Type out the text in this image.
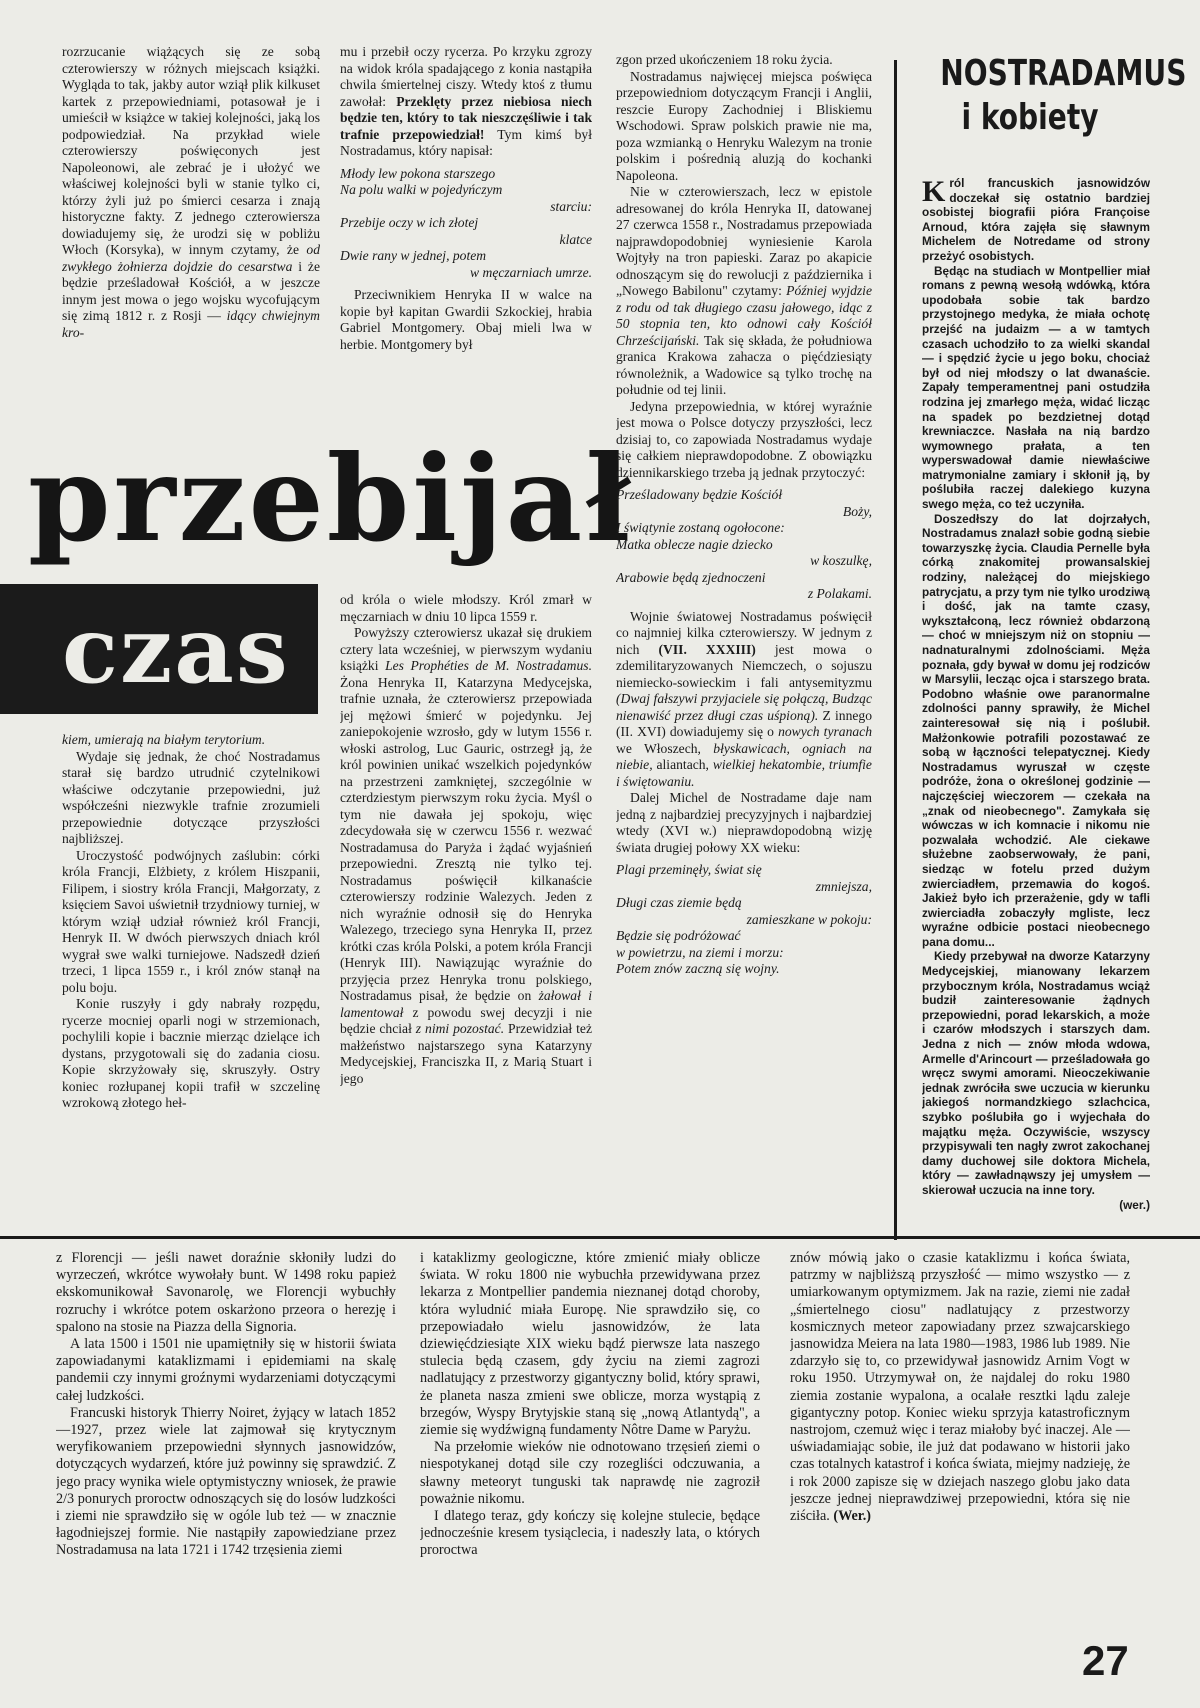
rozrzucanie wiążących się ze sobą czterowierszy w różnych miejscach książki. Wygląda to tak, jakby autor wziął plik kilkuset kartek z przepowiedniami, potasował je i umieścił w książce w takiej kolejności, jaką los podpowiedział. Na przykład wiele czterowierszy poświęconych jest Napoleonowi, ale zebrać je i ułożyć we właściwej kolejności byli w stanie tylko ci, którzy żyli już po śmierci cesarza i znają historyczne fakty. Z jednego czterowiersza dowiadujemy się, że urodzi się w pobliżu Włoch (Korsyka), w innym czytamy, że od zwykłego żołnierza dojdzie do cesarstwa i że będzie prześladował Kościół, a w jeszcze innym jest mowa o jego wojsku wycofującym się zimą 1812 r. z Rosji — idący chwiejnym kro-

mu i przebił oczy rycerza. Po krzyku zgrozy na widok króla spadającego z konia nastąpiła chwila śmiertelnej ciszy. Wtedy ktoś z tłumu zawołał: Przeklęty przez niebiosa niech będzie ten, który to tak nieszczęśliwie i tak trafnie przepowiedział! Tym kimś był Nostradamus, który napisał:

Młody lew pokona starszego
Na polu walki w pojedyńczym
starciu:
Przebije oczy w ich złotej
klatce
Dwie rany w jednej, potem
w męczarniach umrze.

Przeciwnikiem Henryka II w walce na kopie był kapitan Gwardii Szkockiej, hrabia Gabriel Montgomery. Obaj mieli lwa w herbie. Montgomery był

przebijał
czas

kiem, umierają na białym terytorium.

Wydaje się jednak, że choć Nostradamus starał się bardzo utrudnić czytelnikowi właściwe odczytanie przepowiedni, już współcześni niezwykle trafnie zrozumieli przepowiednie dotyczące przyszłości najbliższej.

Uroczystość podwójnych zaślubin: córki króla Francji, Elżbiety, z królem Hiszpanii, Filipem, i siostry króla Francji, Małgorzaty, z księciem Savoi uświetnił trzydniowy turniej, w którym wziął udział również król Francji, Henryk II. W dwóch pierwszych dniach król wygrał swe walki turniejowe. Nadszedł dzień trzeci, 1 lipca 1559 r., i król znów stanął na polu boju.

Konie ruszyły i gdy nabrały rozpędu, rycerze mocniej oparli nogi w strzemionach, pochylili kopie i bacznie mierząc dzielące ich dystans, przygotowali się do zadania ciosu. Kopie skrzyżowały się, skruszyły. Ostry koniec rozłupanej kopii trafił w szczelinę wzrokową złotego heł-

od króla o wiele młodszy. Król zmarł w męczarniach w dniu 10 lipca 1559 r.

Powyższy czterowiersz ukazał się drukiem cztery lata wcześniej, w pierwszym wydaniu książki Les Prophéties de M. Nostradamus. Żona Henryka II, Katarzyna Medycejska, trafnie uznała, że czterowiersz przepowiada jej mężowi śmierć w pojedynku. Jej zaniepokojenie wzrosło, gdy w lutym 1556 r. włoski astrolog, Luc Gauric, ostrzegł ją, że król powinien unikać wszelkich pojedynków na przestrzeni zamkniętej, szczególnie w czterdziestym pierwszym roku życia. Myśl o tym nie dawała jej spokoju, więc zdecydowała się w czerwcu 1556 r. wezwać Nostradamusa do Paryża i żądać wyjaśnień przepowiedni. Zresztą nie tylko tej. Nostradamus poświęcił kilkanaście czterowierszy rodzinie Walezych. Jeden z nich wyraźnie odnosił się do Henryka Walezego, trzeciego syna Henryka II, przez krótki czas króla Polski, a potem króla Francji (Henryk III). Nawiązując wyraźnie do przyjęcia przez Henryka tronu polskiego, Nostradamus pisał, że będzie on żałował i lamentował z powodu swej decyzji i nie będzie chciał z nimi pozostać. Przewidział też małżeństwo najstarszego syna Katarzyny Medycejskiej, Franciszka II, z Marią Stuart i jego

zgon przed ukończeniem 18 roku życia.

Nostradamus najwięcej miejsca poświęca przepowiedniom dotyczącym Francji i Anglii, reszcie Europy Zachodniej i Bliskiemu Wschodowi. Spraw polskich prawie nie ma, poza wzmianką o Henryku Walezym na tronie polskim i pośrednią aluzją do kochanki Napoleona.

Nie w czterowierszach, lecz w epistole adresowanej do króla Henryka II, datowanej 27 czerwca 1558 r., Nostradamus przepowiada najprawdopodobniej wyniesienie Karola Wojtyły na tron papieski. Zaraz po akapicie odnoszącym się do rewolucji z października i „Nowego Babilonu" czytamy: Później wyjdzie z rodu od tak długiego czasu jałowego, idąc z 50 stopnia ten, kto odnowi cały Kościół Chrześcijański. Tak się składa, że południowa granica Krakowa zahacza o pięćdziesiąty równoleżnik, a Wadowice są tylko trochę na południe od tej linii.

Jedyna przepowiednia, w której wyraźnie jest mowa o Polsce dotyczy przyszłości, lecz dzisiaj to, co zapowiada Nostradamus wydaje się całkiem nieprawdopodobne. Z obowiązku dziennikarskiego trzeba ją jednak przytoczyć:

Prześladowany będzie Kościół
Boży,
I świątynie zostaną ogołocone:
Matka oblecze nagie dziecko
w koszulkę,
Arabowie będą zjednoczeni
z Polakami.

Wojnie światowej Nostradamus poświęcił co najmniej kilka czterowierszy. W jednym z nich (VII. XXXIII) jest mowa o zdemilitaryzowanych Niemczech, o sojuszu niemiecko-sowieckim i fali antysemityzmu (Dwaj fałszywi przyjaciele się połączą, Budząc nienawiść przez długi czas uśpioną). Z innego (II. XVI) dowiadujemy się o nowych tyranach we Włoszech, błyskawicach, ogniach na niebie, aliantach, wielkiej hekatombie, triumfie i świętowaniu.

Dalej Michel de Nostradame daje nam jedną z najbardziej precyzyjnych i najbardziej wtedy (XVI w.) nieprawdopodobną wizję świata drugiej połowy XX wieku:

Plagi przeminęły, świat się
zmniejsza,
Długi czas ziemie będą
zamieszkane w pokoju:
Będzie się podróżować
w powietrzu, na ziemi i morzu:
Potem znów zaczną się wojny.
NOSTRADAMUS
i kobiety

Król francuskich jasnowidzów doczekał się ostatnio bardziej osobistej biografii pióra Françoise Arnoud, która zajęła się sławnym Michelem de Notredame od strony przeżyć osobistych.

Będąc na studiach w Montpellier miał romans z pewną wesołą wdówką, która upodobała sobie tak bardzo przystojnego medyka, że miała ochotę przejść na judaizm — a w tamtych czasach uchodziło to za wielki skandal — i spędzić życie u jego boku, chociaż był od niej młodszy o lat dwanaście. Zapały temperamentnej pani ostudziła rodzina jej zmarłego męża, widać licząc na spadek po bezdzietnej dotąd krewniaczce. Nasłała na nią bardzo wymownego prałata, a ten wyperswadował damie niewłaściwe matrymonialne zamiary i skłonił ją, by poślubiła raczej dalekiego kuzyna swego męża, co też uczyniła.

Doszedłszy do lat dojrzałych, Nostradamus znalazł sobie godną siebie towarzyszkę życia. Claudia Pernelle była córką znakomitej prowansalskiej rodziny, należącej do miejskiego patrycjatu, a przy tym nie tylko urodziwą i dość, jak na tamte czasy, wykształconą, lecz również obdarzoną — choć w mniejszym niż on stopniu — nadnaturalnymi zdolnościami. Męża poznała, gdy bywał w domu jej rodziców w Marsylii, lecząc ojca i starszego brata. Podobno właśnie owe paranormalne zdolności panny sprawiły, że Michel zainteresował się nią i poślubił. Małżonkowie potrafili pozostawać ze sobą w łączności telepatycznej. Kiedy Nostradamus wyruszał w częste podróże, żona o określonej godzinie — najczęściej wieczorem — czekała na „znak od nieobecnego". Zamykała się wówczas w ich komnacie i nikomu nie pozwalała wchodzić. Ale ciekawe służebne zaobserwowały, że pani, siedząc w fotelu przed dużym zwierciadłem, przemawia do kogoś. Jakież było ich przerażenie, gdy w tafli zwierciadła zobaczyły mgliste, lecz wyraźne odbicie postaci nieobecnego pana domu...

Kiedy przebywał na dworze Katarzyny Medycejskiej, mianowany lekarzem przybocznym króla, Nostradamus wciąż budził zainteresowanie żądnych przepowiedni, porad lekarskich, a może i czarów młodszych i starszych dam. Jedna z nich — znów młoda wdowa, Armelle d'Arincourt — prześladowała go wręcz swymi amorami. Nieoczekiwanie jednak zwróciła swe uczucia w kierunku jakiegoś normandzkiego szlachcica, szybko poślubiła go i wyjechała do majątku męża. Oczywiście, wszyscy przypisywali ten nagły zwrot zakochanej damy duchowej sile doktora Michela, który — zawładnąwszy jej umysłem — skierował uczucia na inne tory.

(wer.)

z Florencji — jeśli nawet doraźnie skłoniły ludzi do wyrzeczeń, wkrótce wywołały bunt. W 1498 roku papież ekskomunikował Savonarolę, we Florencji wybuchły rozruchy i wkrótce potem oskarżono przeora o herezję i spalono na stosie na Piazza della Signoria.

A lata 1500 i 1501 nie upamiętniły się w historii świata zapowiadanymi kataklizmami i epidemiami na skalę pandemii czy innymi groźnymi wydarzeniami dotyczącymi całej ludzkości.

Francuski historyk Thierry Noiret, żyjący w latach 1852—1927, przez wiele lat zajmował się krytycznym weryfikowaniem przepowiedni słynnych jasnowidzów, dotyczących wydarzeń, które już powinny się sprawdzić. Z jego pracy wynika wiele optymistyczny wniosek, że prawie 2/3 ponurych proroctw odnoszących się do losów ludzkości i ziemi nie sprawdziło się w ogóle lub też — w znacznie łagodniejszej formie. Nie nastąpiły zapowiedziane przez Nostradamusa na lata 1721 i 1742 trzęsienia ziemi

i kataklizmy geologiczne, które zmienić miały oblicze świata. W roku 1800 nie wybuchła przewidywana przez lekarza z Montpellier pandemia nieznanej dotąd choroby, która wyludnić miała Europę. Nie sprawdziło się, co przepowiadało wielu jasnowidzów, że lata dziewięćdziesiąte XIX wieku bądź pierwsze lata naszego stulecia będą czasem, gdy życiu na ziemi zagrozi nadlatujący z przestworzy gigantyczny bolid, który sprawi, że planeta nasza zmieni swe oblicze, morza wystąpią z brzegów, Wyspy Brytyjskie staną się „nową Atlantydą", a ziemie się wydźwigną fundamenty Nôtre Dame w Paryżu.

Na przełomie wieków nie odnotowano trzęsień ziemi o niespotykanej dotąd sile czy rozegliści odczuwania, a sławny meteoryt tunguski tak naprawdę nie zagroził poważnie nikomu.

I dlatego teraz, gdy kończy się kolejne stulecie, będące jednocześnie kresem tysiąclecia, i nadeszły lata, o których proroctwa

znów mówią jako o czasie kataklizmu i końca świata, patrzmy w najbliższą przyszłość — mimo wszystko — z umiarkowanym optymizmem. Jak na razie, ziemi nie zadał „śmiertelnego ciosu" nadlatujący z przestworzy kosmicznych meteor zapowiadany przez szwajcarskiego jasnowidza Meiera na lata 1980—1983, 1986 lub 1989. Nie zdarzyło się to, co przewidywał jasnowidz Arnim Vogt w roku 1950. Utrzymywał on, że najdalej do roku 1980 ziemia zostanie wypalona, a ocalałe resztki lądu zaleje gigantyczny potop. Koniec wieku sprzyja katastroficznym nastrojom, czemuż więc i teraz miałoby być inaczej. Ale — uświadamiając sobie, ile już dat podawano w historii jako czas totalnych katastrof i końca świata, miejmy nadzieję, że i rok 2000 zapisze się w dziejach naszego globu jako data jeszcze jednej nieprawdziwej przepowiedni, która się nie ziściła. (Wer.)

27
